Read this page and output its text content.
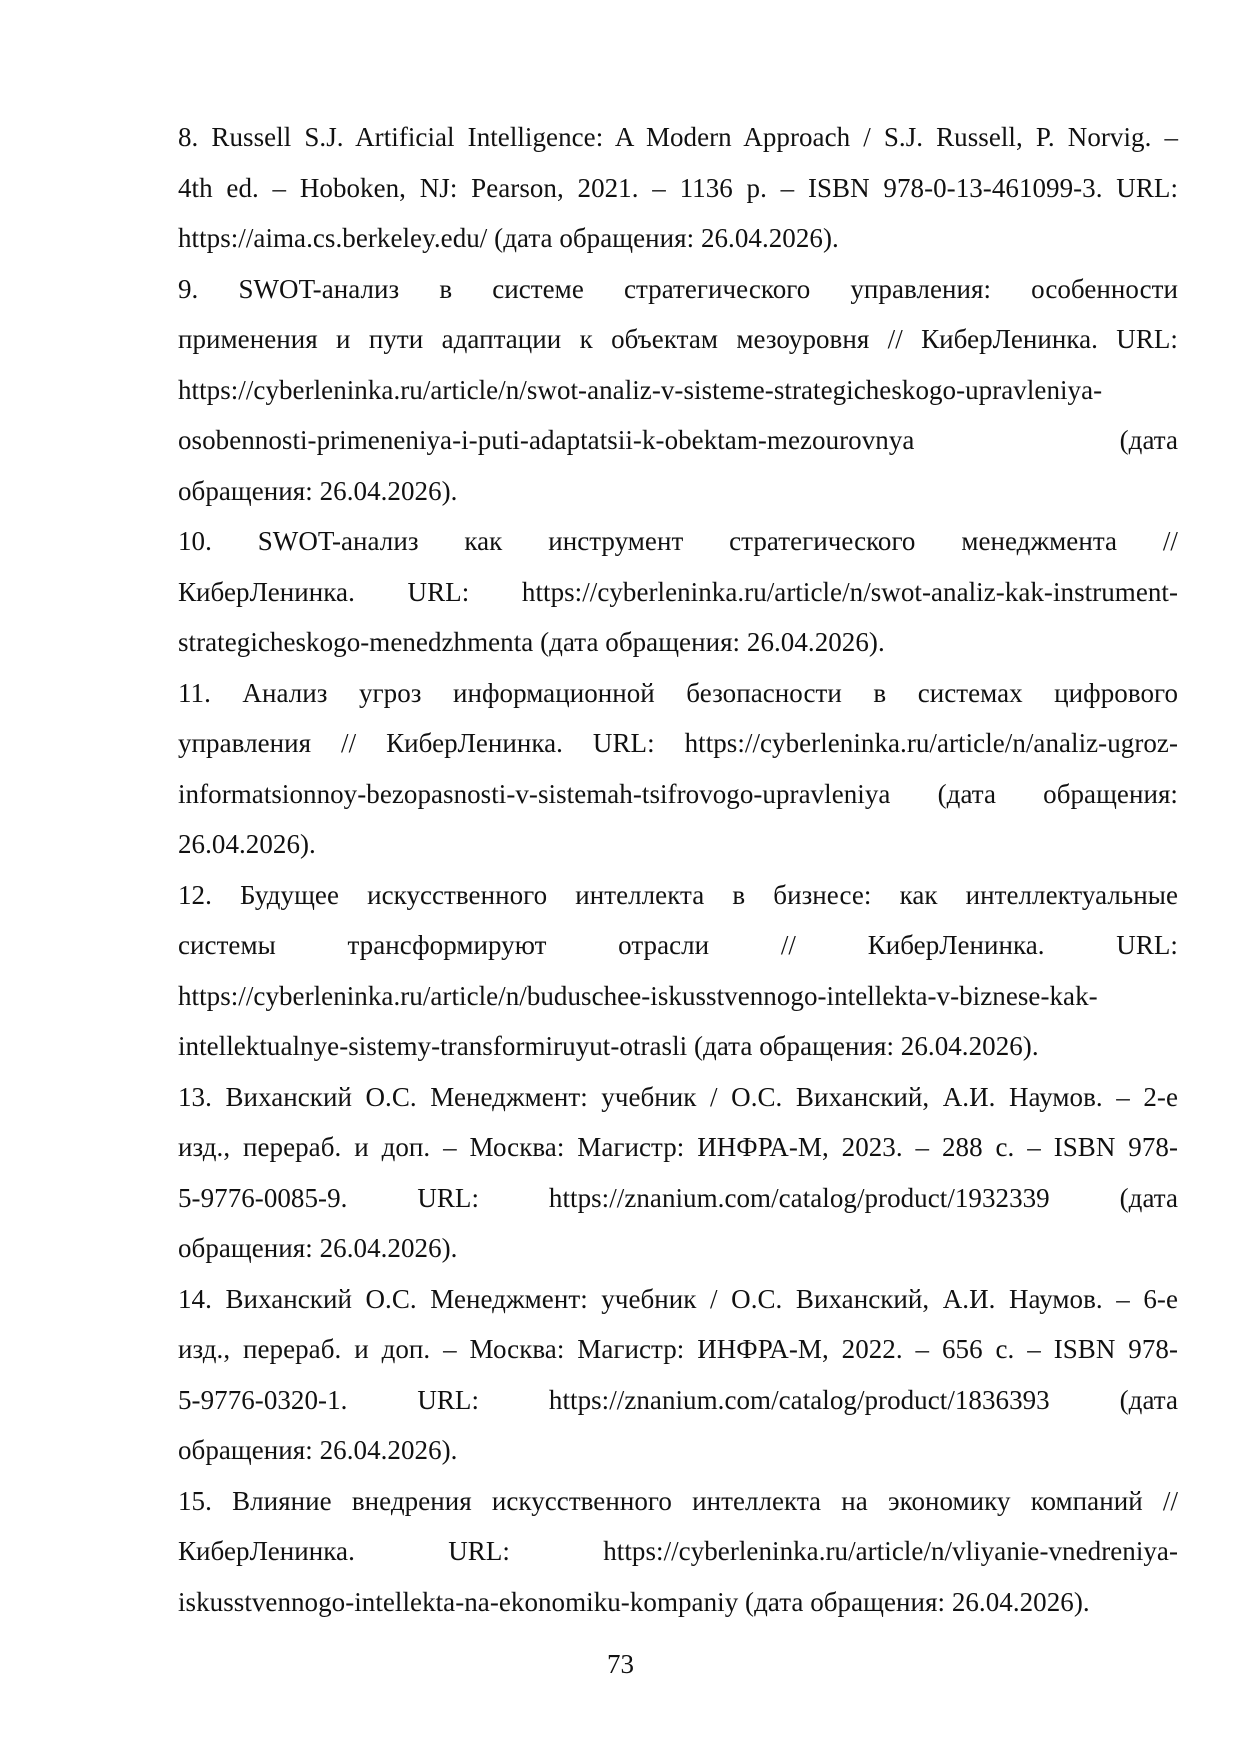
8. Russell S.J. Artificial Intelligence: A Modern Approach / S.J. Russell, P. Norvig. –
4th ed. – Hoboken, NJ: Pearson, 2021. – 1136 p. – ISBN 978-0-13-461099-3. URL:
https://aima.cs.berkeley.edu/ (дата обращения: 26.04.2026).

9. SWOT-анализ в системе стратегического управления: особенности
применения и пути адаптации к объектам мезоуровня // КиберЛенинка. URL:
https://cyberleninka.ru/article/n/swot-analiz-v-sisteme-strategicheskogo-upravleniya-
osobennosti-primeneniya-i-puti-adaptatsii-k-obektam-mezourovnya (дата
обращения: 26.04.2026).

10. SWOT-анализ как инструмент стратегического менеджмента //
КиберЛенинка. URL: https://cyberleninka.ru/article/n/swot-analiz-kak-instrument-
strategicheskogo-menedzhmenta (дата обращения: 26.04.2026).

11. Анализ угроз информационной безопасности в системах цифрового
управления // КиберЛенинка. URL: https://cyberleninka.ru/article/n/analiz-ugroz-
informatsionnoy-bezopasnosti-v-sistemah-tsifrovogo-upravleniya (дата обращения:
26.04.2026).

12. Будущее искусственного интеллекта в бизнесе: как интеллектуальные
системы трансформируют отрасли // КиберЛенинка. URL:
https://cyberleninka.ru/article/n/buduschee-iskusstvennogo-intellekta-v-biznese-kak-
intellektualnye-sistemy-transformiruyut-otrasli (дата обращения: 26.04.2026).

13. Виханский О.С. Менеджмент: учебник / О.С. Виханский, А.И. Наумов. – 2-е
изд., перераб. и доп. – Москва: Магистр: ИНФРА-М, 2023. – 288 с. – ISBN 978-
5-9776-0085-9. URL: https://znanium.com/catalog/product/1932339 (дата
обращения: 26.04.2026).

14. Виханский О.С. Менеджмент: учебник / О.С. Виханский, А.И. Наумов. – 6-е
изд., перераб. и доп. – Москва: Магистр: ИНФРА-М, 2022. – 656 с. – ISBN 978-
5-9776-0320-1. URL: https://znanium.com/catalog/product/1836393 (дата
обращения: 26.04.2026).

15. Влияние внедрения искусственного интеллекта на экономику компаний //
КиберЛенинка. URL: https://cyberleninka.ru/article/n/vliyanie-vnedreniya-
iskusstvennogo-intellekta-na-ekonomiku-kompaniy (дата обращения: 26.04.2026).

73
